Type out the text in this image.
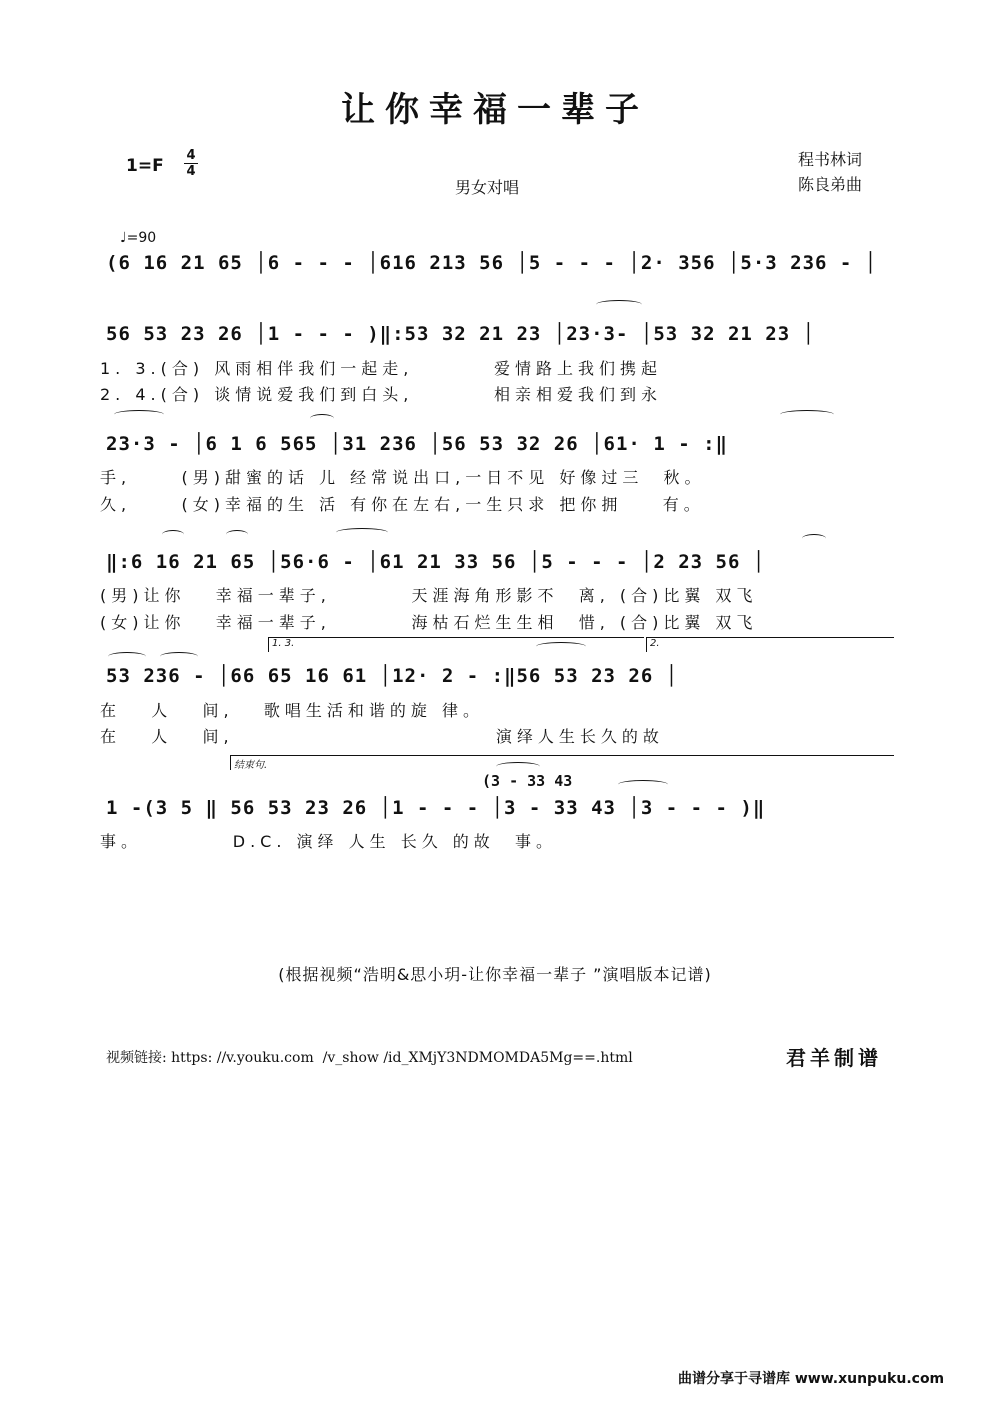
让你幸福一辈子
1=F
4
4
男女对唱
程书林词
陈良弟曲
♩=90
(6 16 21 65 │6 - - - │616 213 56 │5 - - - │2· 356 │5·3 236 - │
56 53 23 26 │1 - - - )‖:53 32 21 23 │23·3- │53 32 21 23 │
1. 3.(合) 风雨相伴我们一起走,        爱情路上我们携起
2. 4.(合) 谈情说爱我们到白头,        相亲相爱我们到永
23·3 - │6 1 6 565 │31 236 │56 53 32 26 │61· 1 - :‖
手,     (男)甜蜜的话 儿 经常说出口,一日不见 好像过三  秋。
久,     (女)幸福的生 活 有你在左右,一生只求 把你拥    有。
‖:6 16 21 65 │56·6 - │61 21 33 56 │5 - - - │2 23 56 │
(男)让你   幸福一辈子,        天涯海角形影不  离, (合)比翼 双飞
(女)让你   幸福一辈子,        海枯石烂生生相  惜, (合)比翼 双飞
1. 3.	2.
53 236 - │66 65 16 61 │12· 2 - :‖56 53 23 26 │
在   人   间,   歌唱生活和谐的旋 律。
在   人   间,                          演绎人生长久的故
结束句.
(3 - 33 43
1 -(3 5 ‖ 56 53 23 26 │1 - - - │3 - 33 43 │3 - - - )‖
事。         D.C. 演绎 人生 长久 的故  事。
(根据视频“浩明&思小玥-让你幸福一辈子 ”演唱版本记谱)
视频链接: https: //v.youku.com  /v_show /id_XMjY3NDMOMDA5Mg==.html	君羊制谱
曲谱分享于寻谱库 www.xunpuku.com
